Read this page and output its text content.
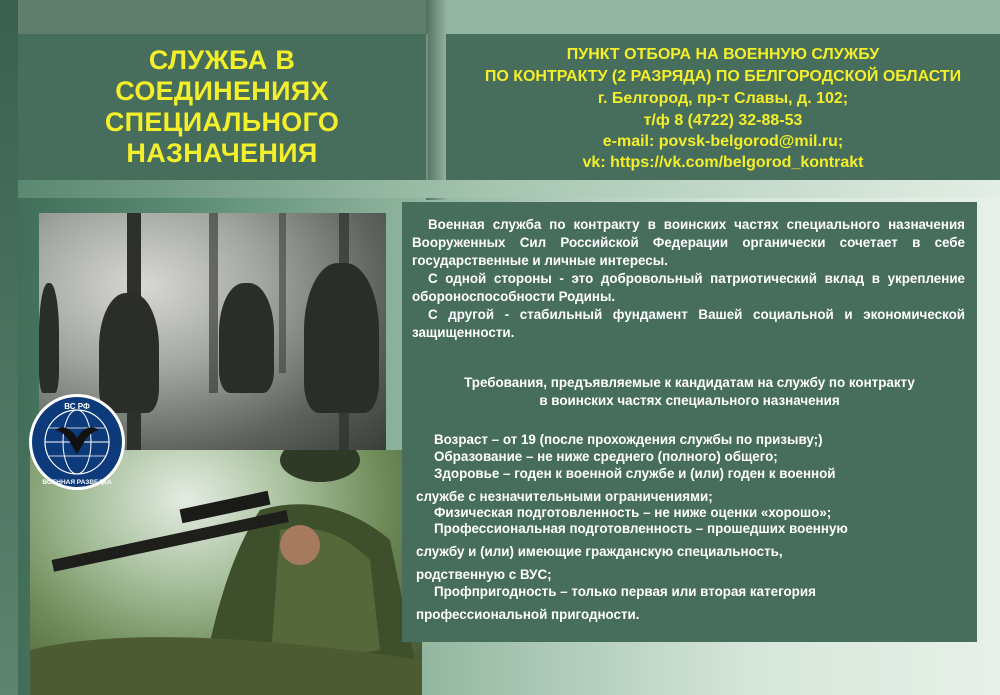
СЛУЖБА В
СОЕДИНЕНИЯХ
СПЕЦИАЛЬНОГО
НАЗНАЧЕНИЯ
ПУНКТ ОТБОРА НА ВОЕННУЮ СЛУЖБУ
ПО КОНТРАКТУ (2 РАЗРЯДА) ПО БЕЛГОРОДСКОЙ ОБЛАСТИ
г. Белгород, пр-т Славы, д. 102;
т/ф 8 (4722) 32-88-53
e-mail: povsk-belgorod@mil.ru;
vk: https://vk.com/belgorod_kontrakt
ВС РФ
ВОЕННАЯ РАЗВЕДКА

Военная служба по контракту в воинских частях специального назначения Вооруженных Сил Российской Федерации органически сочетает в себе государственные и личные интересы.

С одной стороны - это добровольный патриотический вклад в укрепление обороноспособности Родины.

С другой - стабильный фундамент Вашей социальной и экономической защищенности.

Требования, предъявляемые к кандидатам на службу по контракту
в воинских частях специального назначения
Возраст – от 19 (после прохождения службы по призыву;)
Образование – не ниже среднего (полного) общего;
Здоровье – годен к военной службе и (или) годен к военной
службе с незначительными ограничениями;
Физическая подготовленность – не ниже оценки «хорошо»;
Профессиональная подготовленность – прошедших военную
службу и (или) имеющие гражданскую специальность,
родственную с ВУС;
Профпригодность – только первая или вторая категория
профессиональной пригодности.
